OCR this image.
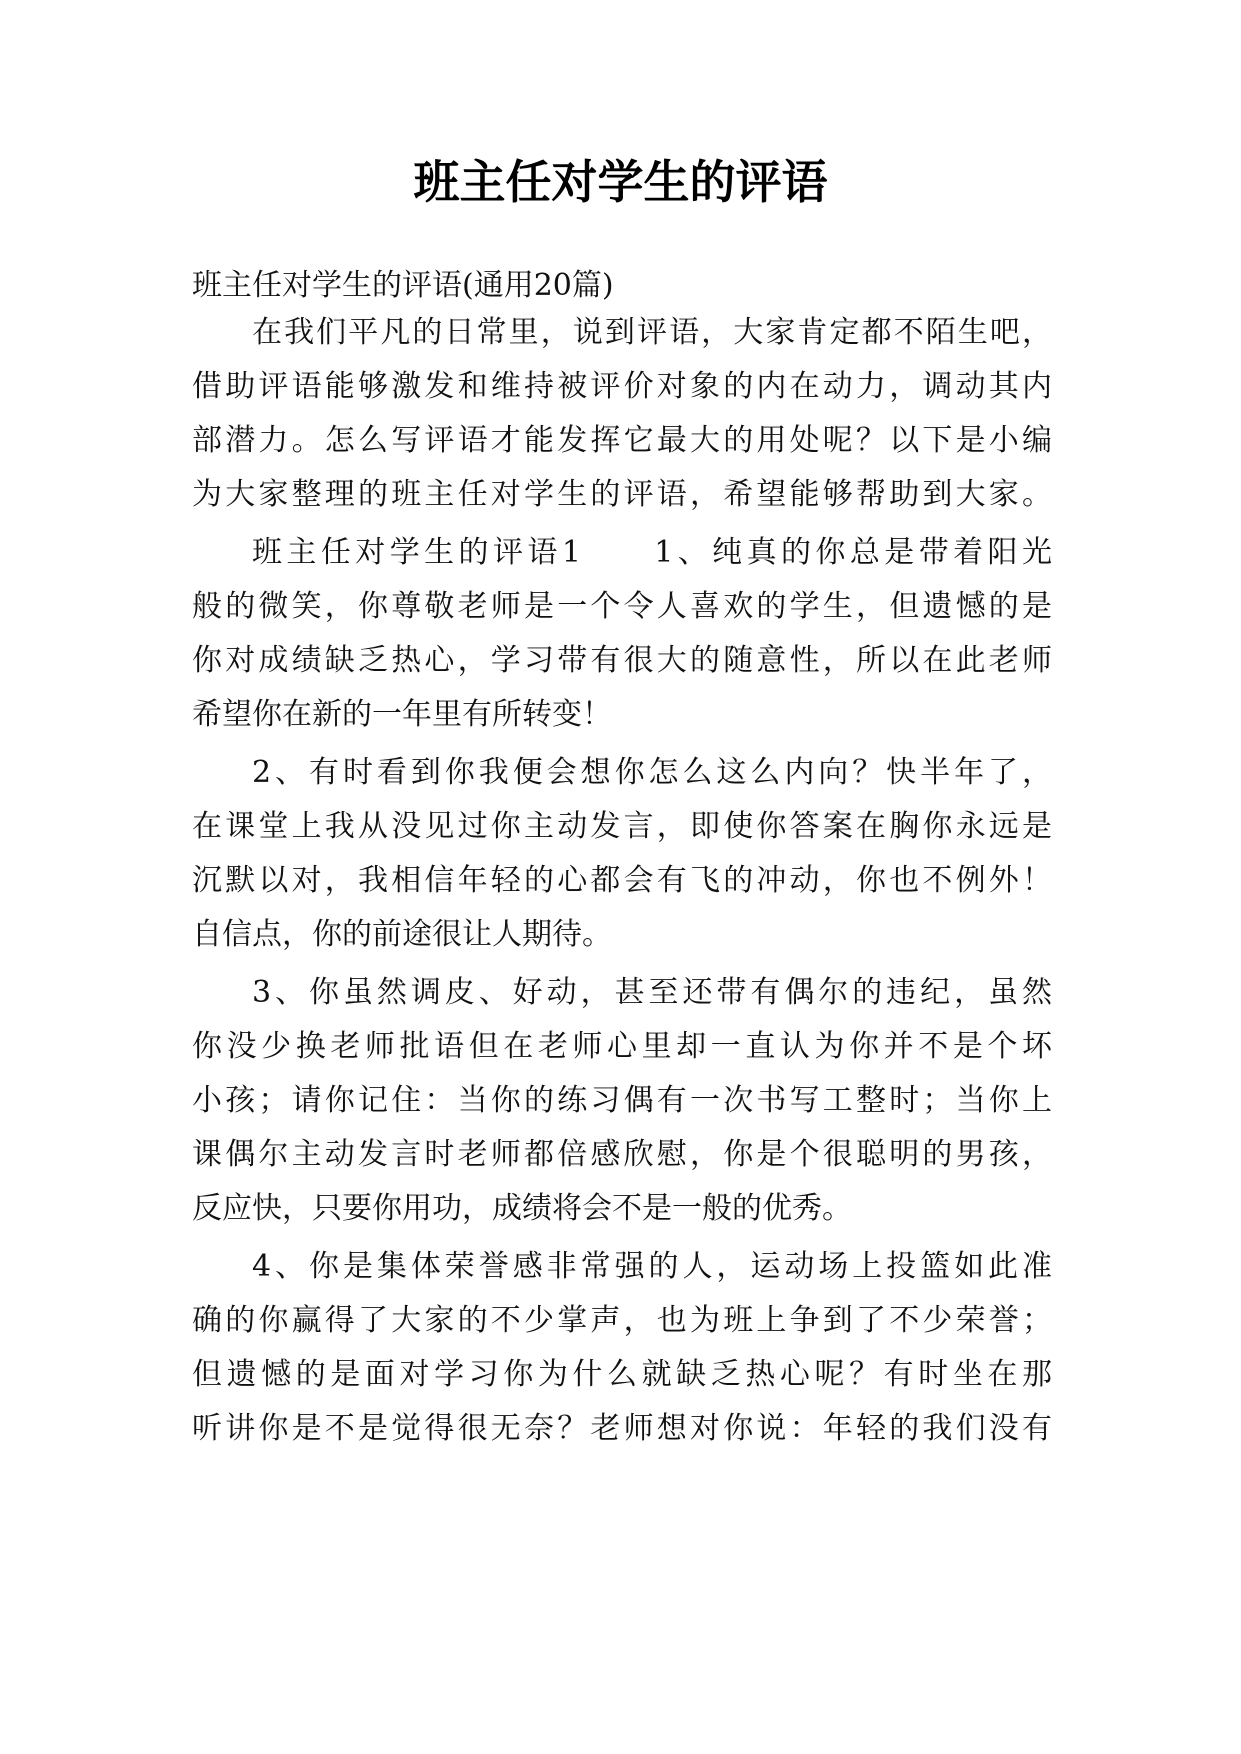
班主任对学生的评语
班主任对学生的评语(通用20篇)
在我们平凡的日常里，说到评语，大家肯定都不陌生吧，
借助评语能够激发和维持被评价对象的内在动力，调动其内
部潜力。怎么写评语才能发挥它最大的用处呢？以下是小编
为大家整理的班主任对学生的评语，希望能够帮助到大家。
班主任对学生的评语1　　1、纯真的你总是带着阳光
般的微笑，你尊敬老师是一个令人喜欢的学生，但遗憾的是
你对成绩缺乏热心，学习带有很大的随意性，所以在此老师
希望你在新的一年里有所转变！
2、有时看到你我便会想你怎么这么内向？快半年了，
在课堂上我从没见过你主动发言，即使你答案在胸你永远是
沉默以对，我相信年轻的心都会有飞的冲动，你也不例外！
自信点，你的前途很让人期待。
3、你虽然调皮、好动，甚至还带有偶尔的违纪，虽然
你没少换老师批语但在老师心里却一直认为你并不是个坏
小孩；请你记住：当你的练习偶有一次书写工整时；当你上
课偶尔主动发言时老师都倍感欣慰，你是个很聪明的男孩，
反应快，只要你用功，成绩将会不是一般的优秀。
4、你是集体荣誉感非常强的人，运动场上投篮如此准
确的你赢得了大家的不少掌声，也为班上争到了不少荣誉；
但遗憾的是面对学习你为什么就缺乏热心呢？有时坐在那
听讲你是不是觉得很无奈？老师想对你说：年轻的我们没有
